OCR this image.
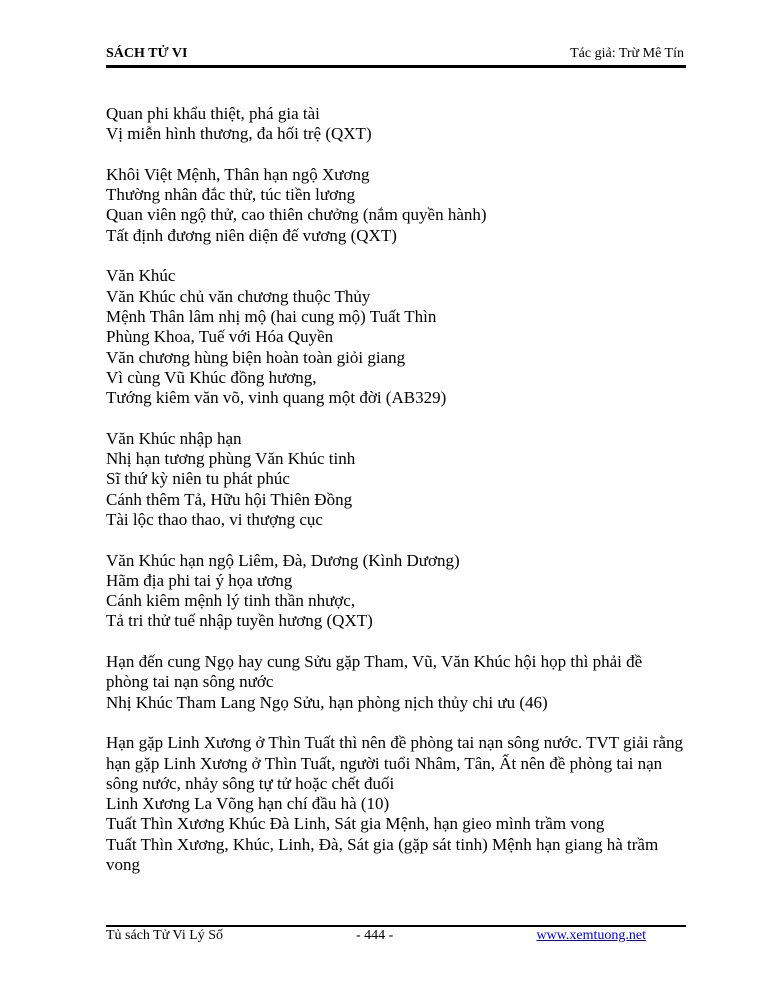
SÁCH TỬ VI	Tác giả: Trừ Mê Tín
Quan phi khẩu thiệt, phá gia tài
Vị miễn hình thương, đa hối trệ (QXT)
Khôi Việt Mệnh, Thân hạn ngộ Xương
Thường nhân đắc thử, túc tiền lương
Quan viên ngộ thử, cao thiên chưởng (nắm quyền hành)
Tất định đương niên diện đế vương (QXT)
Văn Khúc
Văn Khúc chủ văn chương thuộc Thủy
Mệnh Thân lâm nhị mộ (hai cung mộ) Tuất Thìn
Phùng Khoa, Tuế với Hóa Quyền
Văn chương hùng biện hoàn toàn giỏi giang
Vì cùng Vũ Khúc đồng hương,
Tướng kiêm văn võ, vinh quang một đời (AB329)
Văn Khúc nhập hạn
Nhị hạn tương phùng Văn Khúc tinh
Sĩ thứ kỳ niên tu phát phúc
Cánh thêm Tả, Hữu hội Thiên Đồng
Tài lộc thao thao, vi thượng cục
Văn Khúc hạn ngộ Liêm, Đà, Dương (Kình Dương)
Hãm địa phi tai ý họa ương
Cánh kiêm mệnh lý tinh thần nhược,
Tả tri thử tuế nhập tuyền hương (QXT)
Hạn đến cung Ngọ hay cung Sửu gặp Tham, Vũ, Văn Khúc hội họp thì phải đề phòng tai nạn sông nước
Nhị Khúc Tham Lang Ngọ Sửu, hạn phòng nịch thủy chi ưu (46)
Hạn gặp Linh Xương ở Thìn Tuất thì nên đề phòng tai nạn sông nước. TVT giải rằng hạn gặp Linh Xương ở Thìn Tuất, người tuổi Nhâm, Tân, Ất nên đề phòng tai nạn sông nước, nhảy sông tự tử hoặc chết đuối
Linh Xương La Võng hạn chí đầu hà (10)
Tuất Thìn Xương Khúc Đà Linh, Sát gia Mệnh, hạn gieo mình trầm vong
Tuất Thìn Xương, Khúc, Linh, Đà, Sát gia (gặp sát tinh) Mệnh hạn giang hà trầm vong
Tủ sách Tử Vi Lý Số	- 444 -	www.xemtuong.net
